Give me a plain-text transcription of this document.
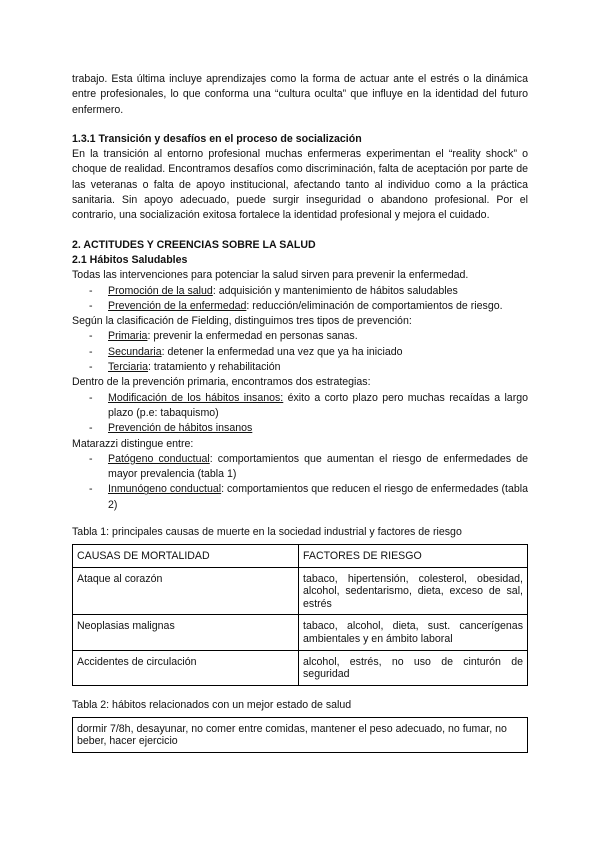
trabajo. Esta última incluye aprendizajes como la forma de actuar ante el estrés o la dinámica entre profesionales, lo que conforma una “cultura oculta” que influye en la identidad del futuro enfermero.

1.3.1 Transición y desafíos en el proceso de socialización

En la transición al entorno profesional muchas enfermeras experimentan el “reality shock” o choque de realidad. Encontramos desafíos como discriminación, falta de aceptación por parte de las veteranas o falta de apoyo institucional, afectando tanto al individuo como a la práctica sanitaria. Sin apoyo adecuado, puede surgir inseguridad o abandono profesional. Por el contrario, una socialización exitosa fortalece la identidad profesional y mejora el cuidado.

2. ACTITUDES Y CREENCIAS SOBRE LA SALUD

2.1 Hábitos Saludables

Todas las intervenciones para potenciar la salud sirven para prevenir la enfermedad.

- Promoción de la salud: adquisición y mantenimiento de hábitos saludables
- Prevención de la enfermedad: reducción/eliminación de comportamientos de riesgo.

Según la clasificación de Fielding, distinguimos tres tipos de prevención:

- Primaria: prevenir la enfermedad en personas sanas.
- Secundaria: detener la enfermedad una vez que ya ha iniciado
- Terciaria: tratamiento y rehabilitación

Dentro de la prevención primaria, encontramos dos estrategias:

- Modificación de los hábitos insanos: éxito a corto plazo pero muchas recaídas a largo plazo (p.e: tabaquismo)
- Prevención de hábitos insanos

Matarazzi distingue entre:

- Patógeno conductual: comportamientos que aumentan el riesgo de enfermedades de mayor prevalencia (tabla 1)
- Inmunógeno conductual: comportamientos que reducen el riesgo de enfermedades (tabla 2)

Tabla 1: principales causas de muerte en la sociedad industrial y factores de riesgo

CAUSAS DE MORTALIDAD	FACTORES DE RIESGO
Ataque al corazón	tabaco, hipertensión, colesterol, obesidad, alcohol, sedentarismo, dieta, exceso de sal, estrés
Neoplasias malignas	tabaco, alcohol, dieta, sust. cancerígenas ambientales y en ámbito laboral
Accidentes de circulación	alcohol, estrés, no uso de cinturón de seguridad

Tabla 2: hábitos relacionados con un mejor estado de salud

dormir 7/8h, desayunar, no comer entre comidas, mantener el peso adecuado, no fumar, no beber, hacer ejercicio
